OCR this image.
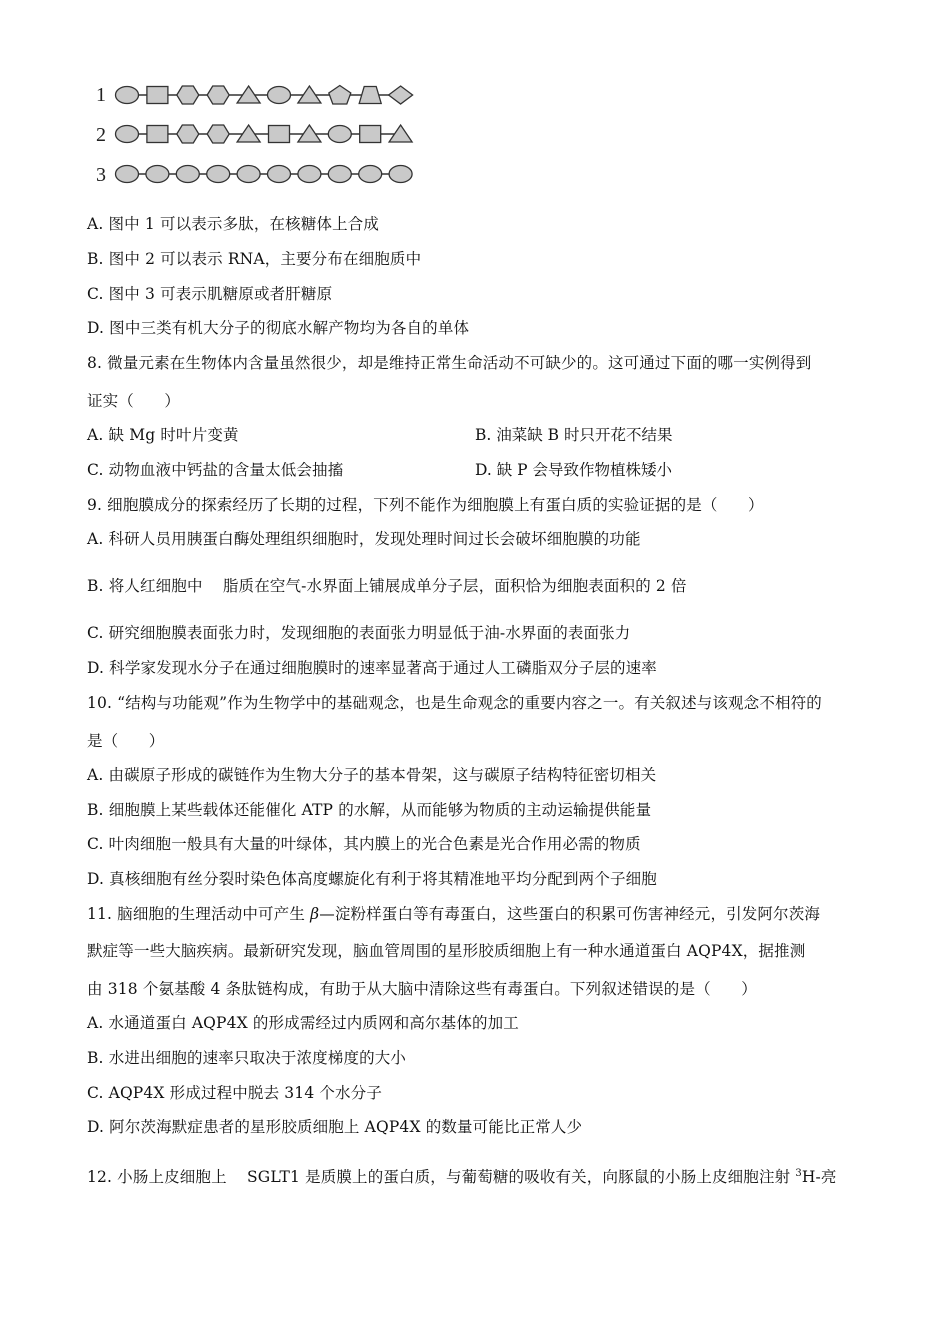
1
2
3
A. 图中 1 可以表示多肽，在核糖体上合成
B. 图中 2 可以表示 RNA，主要分布在细胞质中
C. 图中 3 可表示肌糖原或者肝糖原
D. 图中三类有机大分子的彻底水解产物均为各自的单体
8. 微量元素在生物体内含量虽然很少，却是维持正常生命活动不可缺少的。这可通过下面的哪一实例得到
证实（      ）
A. 缺 Mg 时叶片变黄	B. 油菜缺 B 时只开花不结果
C. 动物血液中钙盐的含量太低会抽搐	D. 缺 P 会导致作物植株矮小
9. 细胞膜成分的探索经历了长期的过程，下列不能作为细胞膜上有蛋白质的实验证据的是（      ）
A. 科研人员用胰蛋白酶处理组织细胞时，发现处理时间过长会破坏细胞膜的功能
B. 将人红细胞中    脂质在空气-水界面上铺展成单分子层，面积恰为细胞表面积的 2 倍
C. 研究细胞膜表面张力时，发现细胞的表面张力明显低于油-水界面的表面张力
D. 科学家发现水分子在通过细胞膜时的速率显著高于通过人工磷脂双分子层的速率
10. “结构与功能观”作为生物学中的基础观念，也是生命观念的重要内容之一。有关叙述与该观念不相符的
是（      ）
A. 由碳原子形成的碳链作为生物大分子的基本骨架，这与碳原子结构特征密切相关
B. 细胞膜上某些载体还能催化 ATP 的水解，从而能够为物质的主动运输提供能量
C. 叶肉细胞一般具有大量的叶绿体，其内膜上的光合色素是光合作用必需的物质
D. 真核细胞有丝分裂时染色体高度螺旋化有利于将其精准地平均分配到两个子细胞
11. 脑细胞的生理活动中可产生 β—淀粉样蛋白等有毒蛋白，这些蛋白的积累可伤害神经元，引发阿尔茨海
默症等一些大脑疾病。最新研究发现，脑血管周围的星形胶质细胞上有一种水通道蛋白 AQP4X，据推测
由 318 个氨基酸 4 条肽链构成，有助于从大脑中清除这些有毒蛋白。下列叙述错误的是（      ）
A. 水通道蛋白 AQP4X 的形成需经过内质网和高尔基体的加工
B. 水进出细胞的速率只取决于浓度梯度的大小
C. AQP4X 形成过程中脱去 314 个水分子
D. 阿尔茨海默症患者的星形胶质细胞上 AQP4X 的数量可能比正常人少
12. 小肠上皮细胞上    SGLT1 是质膜上的蛋白质，与葡萄糖的吸收有关，向豚鼠的小肠上皮细胞注射 $^3$H-亮
